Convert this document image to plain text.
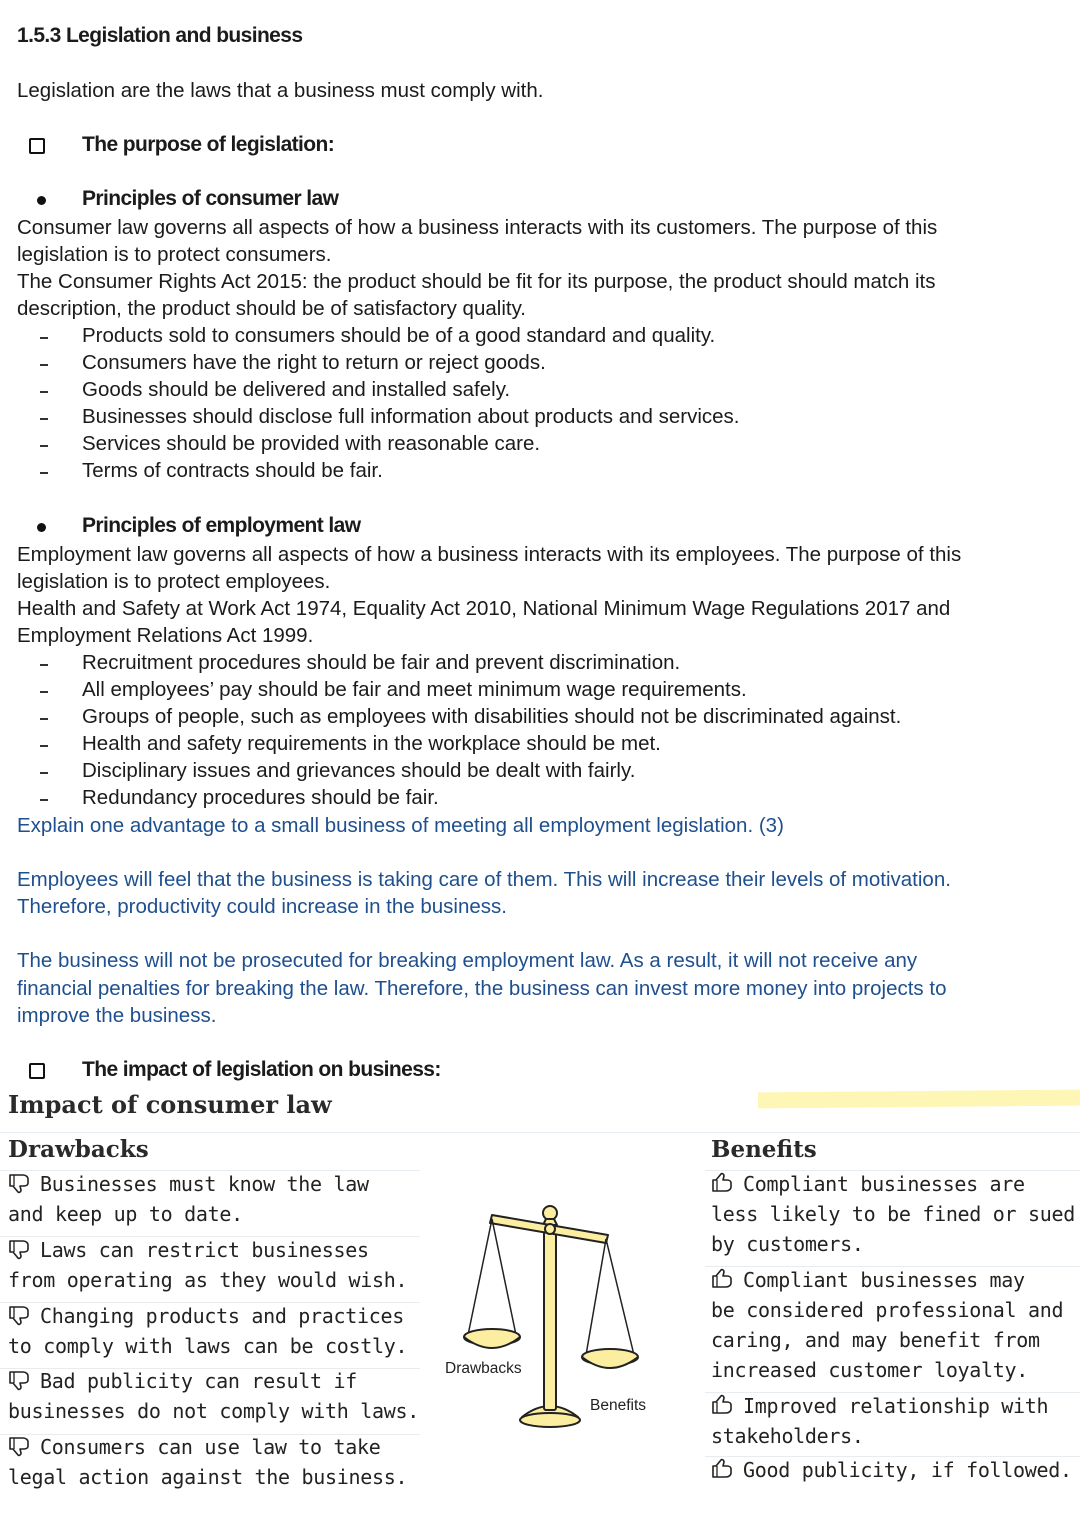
1.5.3 Legislation and business
Legislation are the laws that a business must comply with.
The purpose of legislation:
Principles of consumer law
Consumer law governs all aspects of how a business interacts with its customers. The purpose of this
legislation is to protect consumers.
The Consumer Rights Act 2015: the product should be fit for its purpose, the product should match its
description, the product should be of satisfactory quality.
Products sold to consumers should be of a good standard and quality.
Consumers have the right to return or reject goods.
Goods should be delivered and installed safely.
Businesses should disclose full information about products and services.
Services should be provided with reasonable care.
Terms of contracts should be fair.
Principles of employment law
Employment law governs all aspects of how a business interacts with its employees. The purpose of this
legislation is to protect employees.
Health and Safety at Work Act 1974, Equality Act 2010, National Minimum Wage Regulations 2017 and
Employment Relations Act 1999.
Recruitment procedures should be fair and prevent discrimination.
All employees’ pay should be fair and meet minimum wage requirements.
Groups of people, such as employees with disabilities should not be discriminated against.
Health and safety requirements in the workplace should be met.
Disciplinary issues and grievances should be dealt with fairly.
Redundancy procedures should be fair.
Explain one advantage to a small business of meeting all employment legislation. (3)
Employees will feel that the business is taking care of them. This will increase their levels of motivation.
Therefore, productivity could increase in the business.
The business will not be prosecuted for breaking employment law. As a result, it will not receive any
financial penalties for breaking the law. Therefore, the business can invest more money into projects to
improve the business.
The impact of legislation on business:
Impact of consumer law
Drawbacks	Benefits
Businesses must know the law
and keep up to date.
Laws can restrict businesses
from operating as they would wish.
Changing products and practices
to comply with laws can be costly.
Bad publicity can result if
businesses do not comply with laws.
Consumers can use law to take
legal action against the business.
Compliant businesses are
less likely to be fined or sued
by customers.
Compliant businesses may
be considered professional and
caring, and may benefit from
increased customer loyalty.
Improved relationship with
stakeholders.
Good publicity, if followed.
Drawbacks
Benefits
